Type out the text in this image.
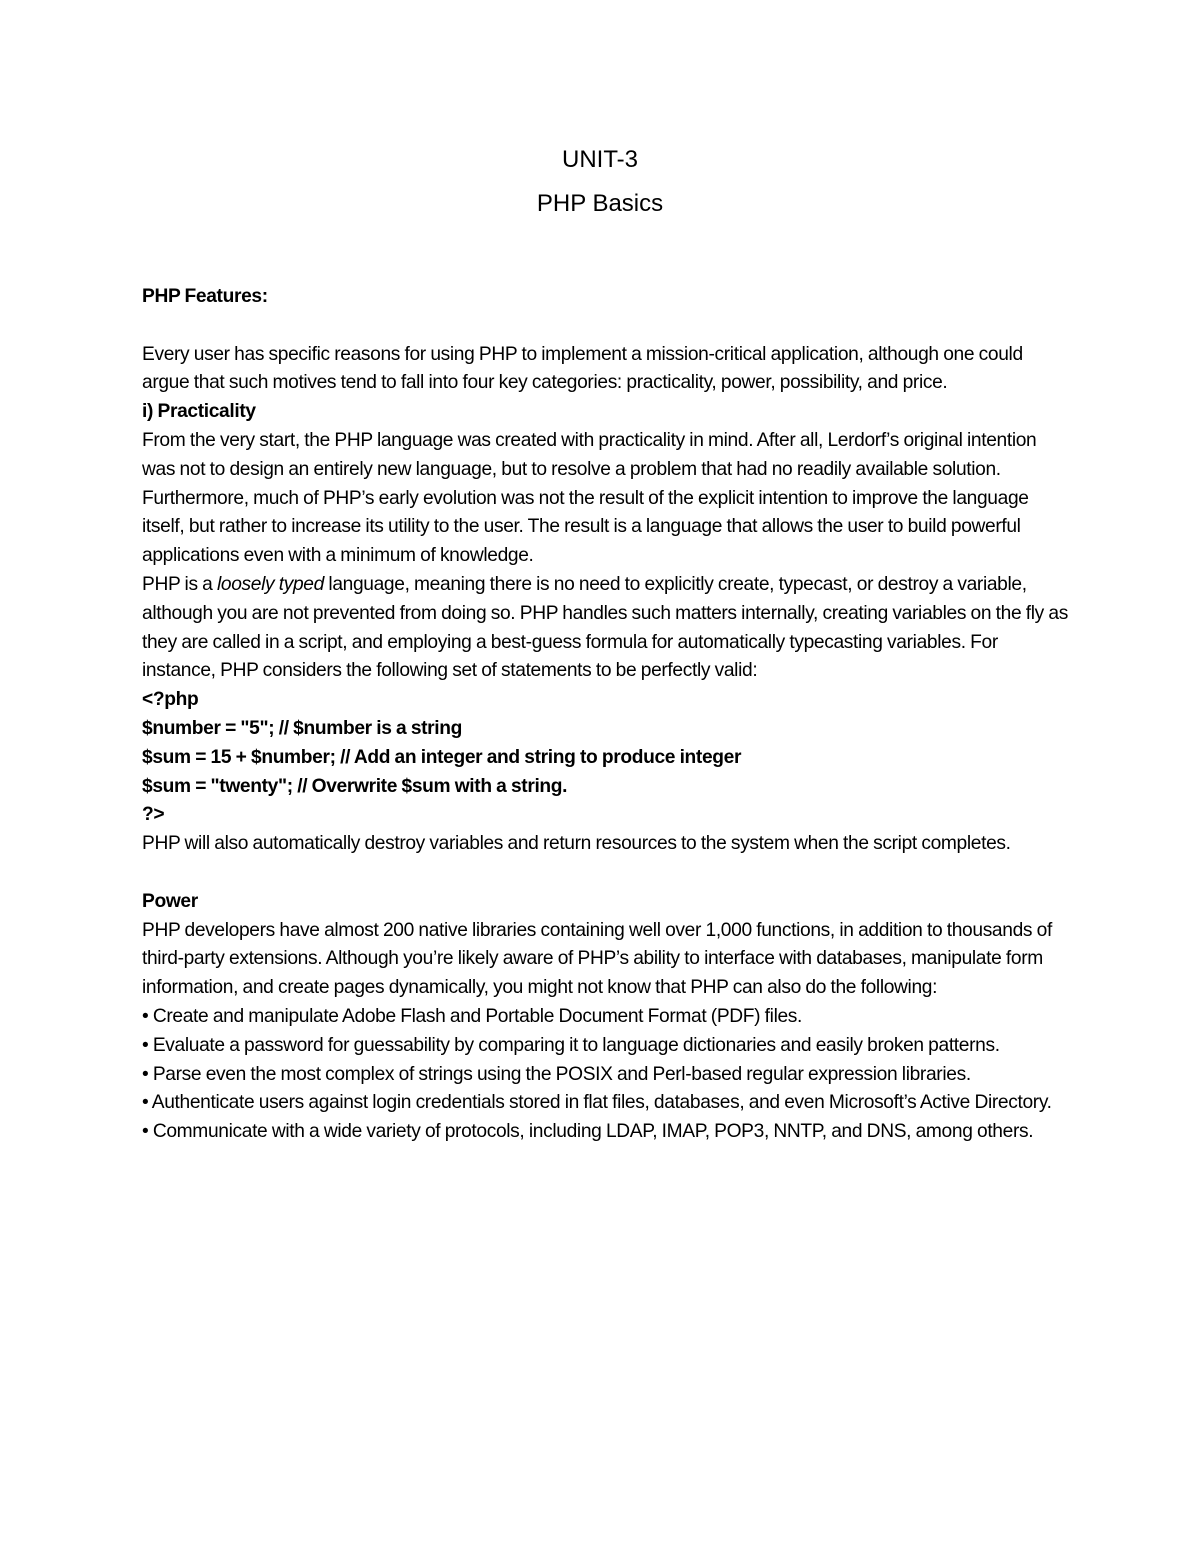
UNIT-3
PHP Basics

PHP Features:

Every user has specific reasons for using PHP to implement a mission-critical application, although one could argue that such motives tend to fall into four key categories: practicality, power, possibility, and price.

i) Practicality

From the very start, the PHP language was created with practicality in mind. After all, Lerdorf’s original intention was not to design an entirely new language, but to resolve a problem that had no readily available solution. Furthermore, much of PHP’s early evolution was not the result of the explicit intention to improve the language itself, but rather to increase its utility to the user. The result is a language that allows the user to build powerful applications even with a minimum of knowledge.

PHP is a loosely typed language, meaning there is no need to explicitly create, typecast, or destroy a variable, although you are not prevented from doing so. PHP handles such matters internally, creating variables on the fly as they are called in a script, and employing a best-guess formula for automatically typecasting variables. For instance, PHP considers the following set of statements to be perfectly valid:

<?php

$number = "5"; // $number is a string

$sum = 15 + $number; // Add an integer and string to produce integer

$sum = "twenty"; // Overwrite $sum with a string.

?>

PHP will also automatically destroy variables and return resources to the system when the script completes.

Power

PHP developers have almost 200 native libraries containing well over 1,000 functions, in addition to thousands of third-party extensions. Although you’re likely aware of PHP’s ability to interface with databases, manipulate form information, and create pages dynamically, you might not know that PHP can also do the following:

• Create and manipulate Adobe Flash and Portable Document Format (PDF) files.

• Evaluate a password for guessability by comparing it to language dictionaries and easily broken patterns.

• Parse even the most complex of strings using the POSIX and Perl-based regular expression libraries.

• Authenticate users against login credentials stored in flat files, databases, and even Microsoft’s Active Directory.

• Communicate with a wide variety of protocols, including LDAP, IMAP, POP3, NNTP, and DNS, among others.
